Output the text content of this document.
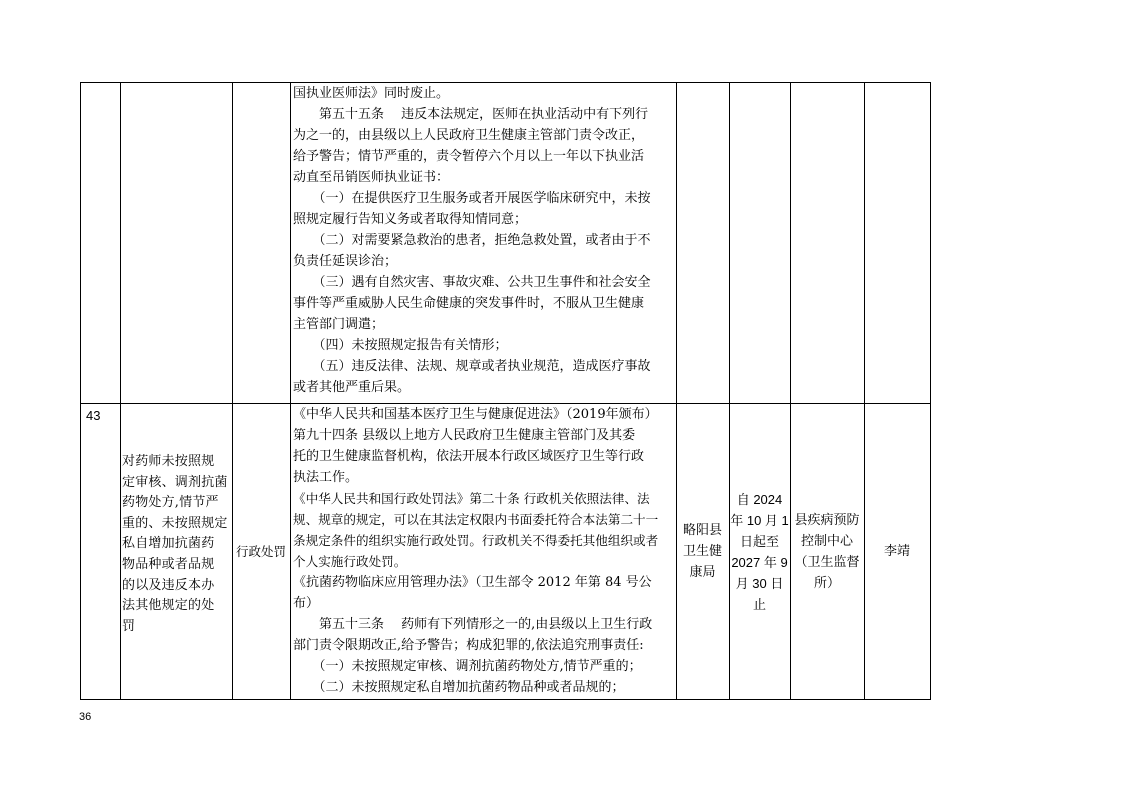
国执业医师法》同时废止。
　　第五十五条　 违反本法规定，医师在执业活动中有下列行
为之一的，由县级以上人民政府卫生健康主管部门责令改正，
给予警告；情节严重的，责令暂停六个月以上一年以下执业活
动直至吊销医师执业证书：
　　（一）在提供医疗卫生服务或者开展医学临床研究中，未按
照规定履行告知义务或者取得知情同意；
　　（二）对需要紧急救治的患者，拒绝急救处置，或者由于不
负责任延误诊治；
　　（三）遇有自然灾害、事故灾难、公共卫生事件和社会安全
事件等严重威胁人民生命健康的突发事件时，不服从卫生健康
主管部门调遣；
　　（四）未按照规定报告有关情形；
　　（五）违反法律、法规、规章或者执业规范，造成医疗事故
或者其他严重后果。
43
对药师未按照规
定审核、调剂抗菌
药物处方,情节严
重的、未按照规定
私自增加抗菌药
物品种或者品规
的以及违反本办
法其他规定的处
罚
行政处罚
《中华人民共和国基本医疗卫生与健康促进法》（2019年颁布）
第九十四条 县级以上地方人民政府卫生健康主管部门及其委
托的卫生健康监督机构，依法开展本行政区域医疗卫生等行政
执法工作。
《中华人民共和国行政处罚法》第二十条 行政机关依照法律、法
规、规章的规定，可以在其法定权限内书面委托符合本法第二十一
条规定条件的组织实施行政处罚。行政机关不得委托其他组织或者
个人实施行政处罚。
《抗菌药物临床应用管理办法》（卫生部令 2012 年第 84 号公
布）
　　第五十三条　 药师有下列情形之一的,由县级以上卫生行政
部门责令限期改正,给予警告；构成犯罪的,依法追究刑事责任:
　　（一）未按照规定审核、调剂抗菌药物处方,情节严重的；
　　（二）未按照规定私自增加抗菌药物品种或者品规的；
略阳县
卫生健
康局
自 2024
年 10 月 1
日起至
2027 年 9
月 30 日
止
县疾病预防
控制中心
（卫生监督
所）
李靖
36
